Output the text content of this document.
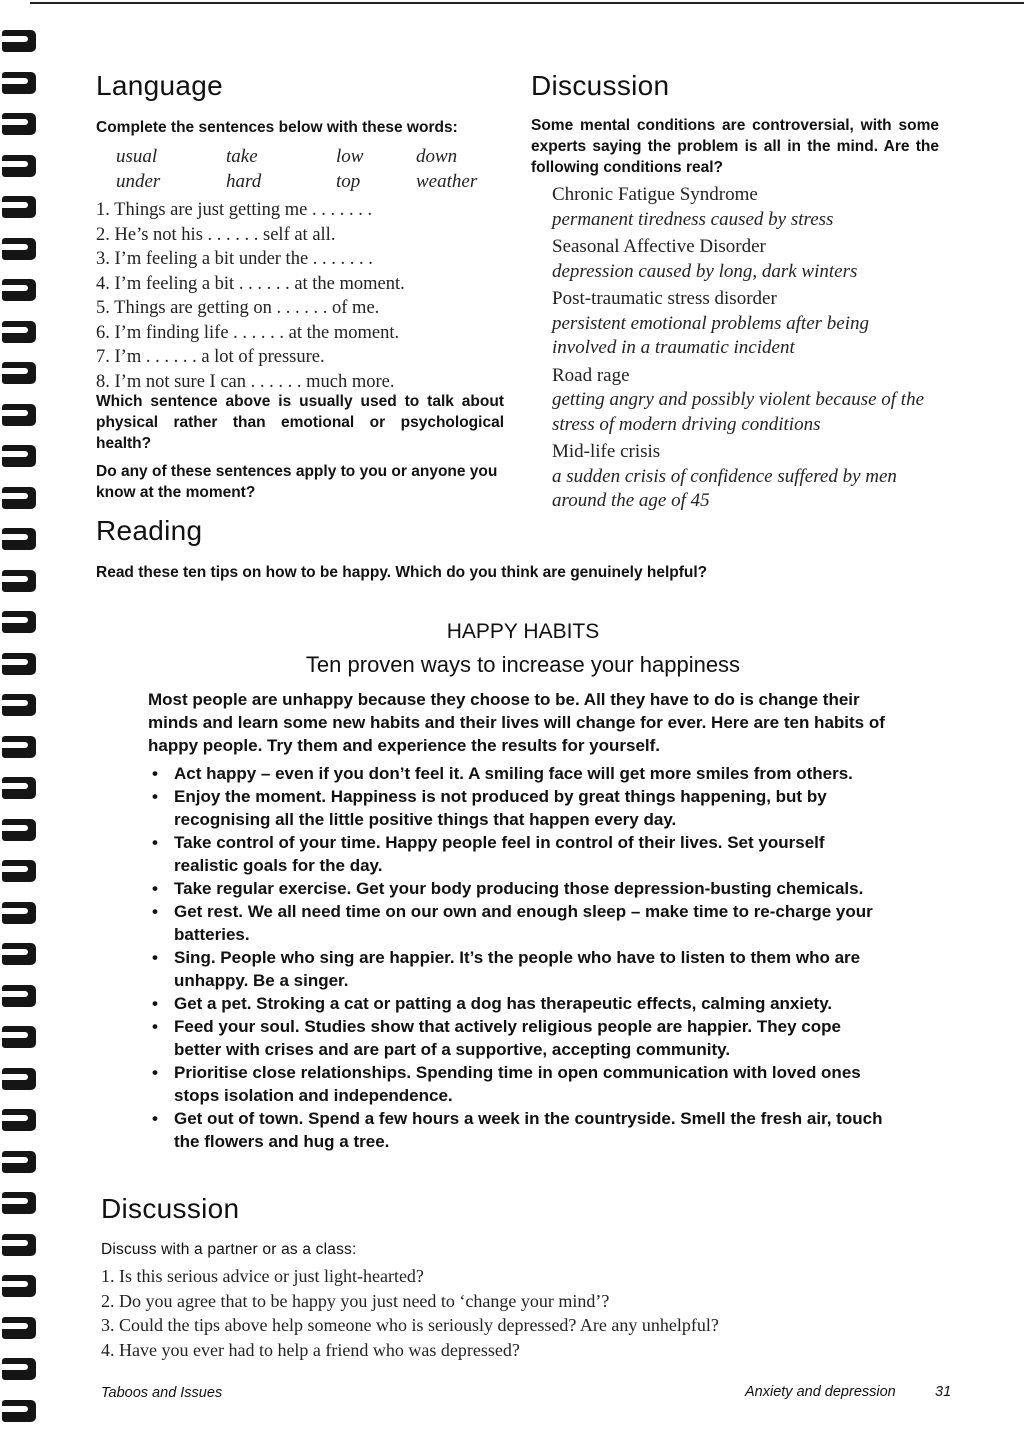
Language

Complete the sentences below with these words:

usual	take	low	down
under	hard	top	weather
1. Things are just getting me . . . . . . .
2. He’s not his . . . . . . self at all.
3. I’m feeling a bit under the . . . . . . .
4. I’m feeling a bit . . . . . . at the moment.
5. Things are getting on . . . . . . of me.
6. I’m finding life . . . . . . at the moment.
7. I’m . . . . . . a lot of pressure.
8. I’m not sure I can . . . . . . much more.

Which sentence above is usually used to talk about physical rather than emotional or psychological health?

Do any of these sentences apply to you or anyone you know at the moment?

Discussion

Some mental conditions are controversial, with some experts saying the problem is all in the mind. Are the following conditions real?

Chronic Fatigue Syndrome
permanent tiredness caused by stress
Seasonal Affective Disorder
depression caused by long, dark winters
Post-traumatic stress disorder
persistent emotional problems after being involved in a traumatic incident
Road rage
getting angry and possibly violent because of the stress of modern driving conditions
Mid-life crisis
a sudden crisis of confidence suffered by men around the age of 45
Reading

Read these ten tips on how to be happy. Which do you think are genuinely helpful?

HAPPY HABITS
Ten proven ways to increase your happiness

Most people are unhappy because they choose to be. All they have to do is change their minds and learn some new habits and their lives will change for ever. Here are ten habits of happy people. Try them and experience the results for yourself.

• Act happy – even if you don’t feel it. A smiling face will get more smiles from others.
• Enjoy the moment. Happiness is not produced by great things happening, but by recognising all the little positive things that happen every day.
• Take control of your time. Happy people feel in control of their lives. Set yourself realistic goals for the day.
• Take regular exercise. Get your body producing those depression-busting chemicals.
• Get rest. We all need time on our own and enough sleep – make time to re-charge your batteries.
• Sing. People who sing are happier. It’s the people who have to listen to them who are unhappy. Be a singer.
• Get a pet. Stroking a cat or patting a dog has therapeutic effects, calming anxiety.
• Feed your soul. Studies show that actively religious people are happier. They cope better with crises and are part of a supportive, accepting community.
• Prioritise close relationships. Spending time in open communication with loved ones stops isolation and independence.
• Get out of town. Spend a few hours a week in the countryside. Smell the fresh air, touch the flowers and hug a tree.
Discussion

Discuss with a partner or as a class:

1. Is this serious advice or just light-hearted?
2. Do you agree that to be happy you just need to ‘change your mind’?
3. Could the tips above help someone who is seriously depressed? Are any unhelpful?
4. Have you ever had to help a friend who was depressed?
Taboos and Issues	Anxiety and depression	31
